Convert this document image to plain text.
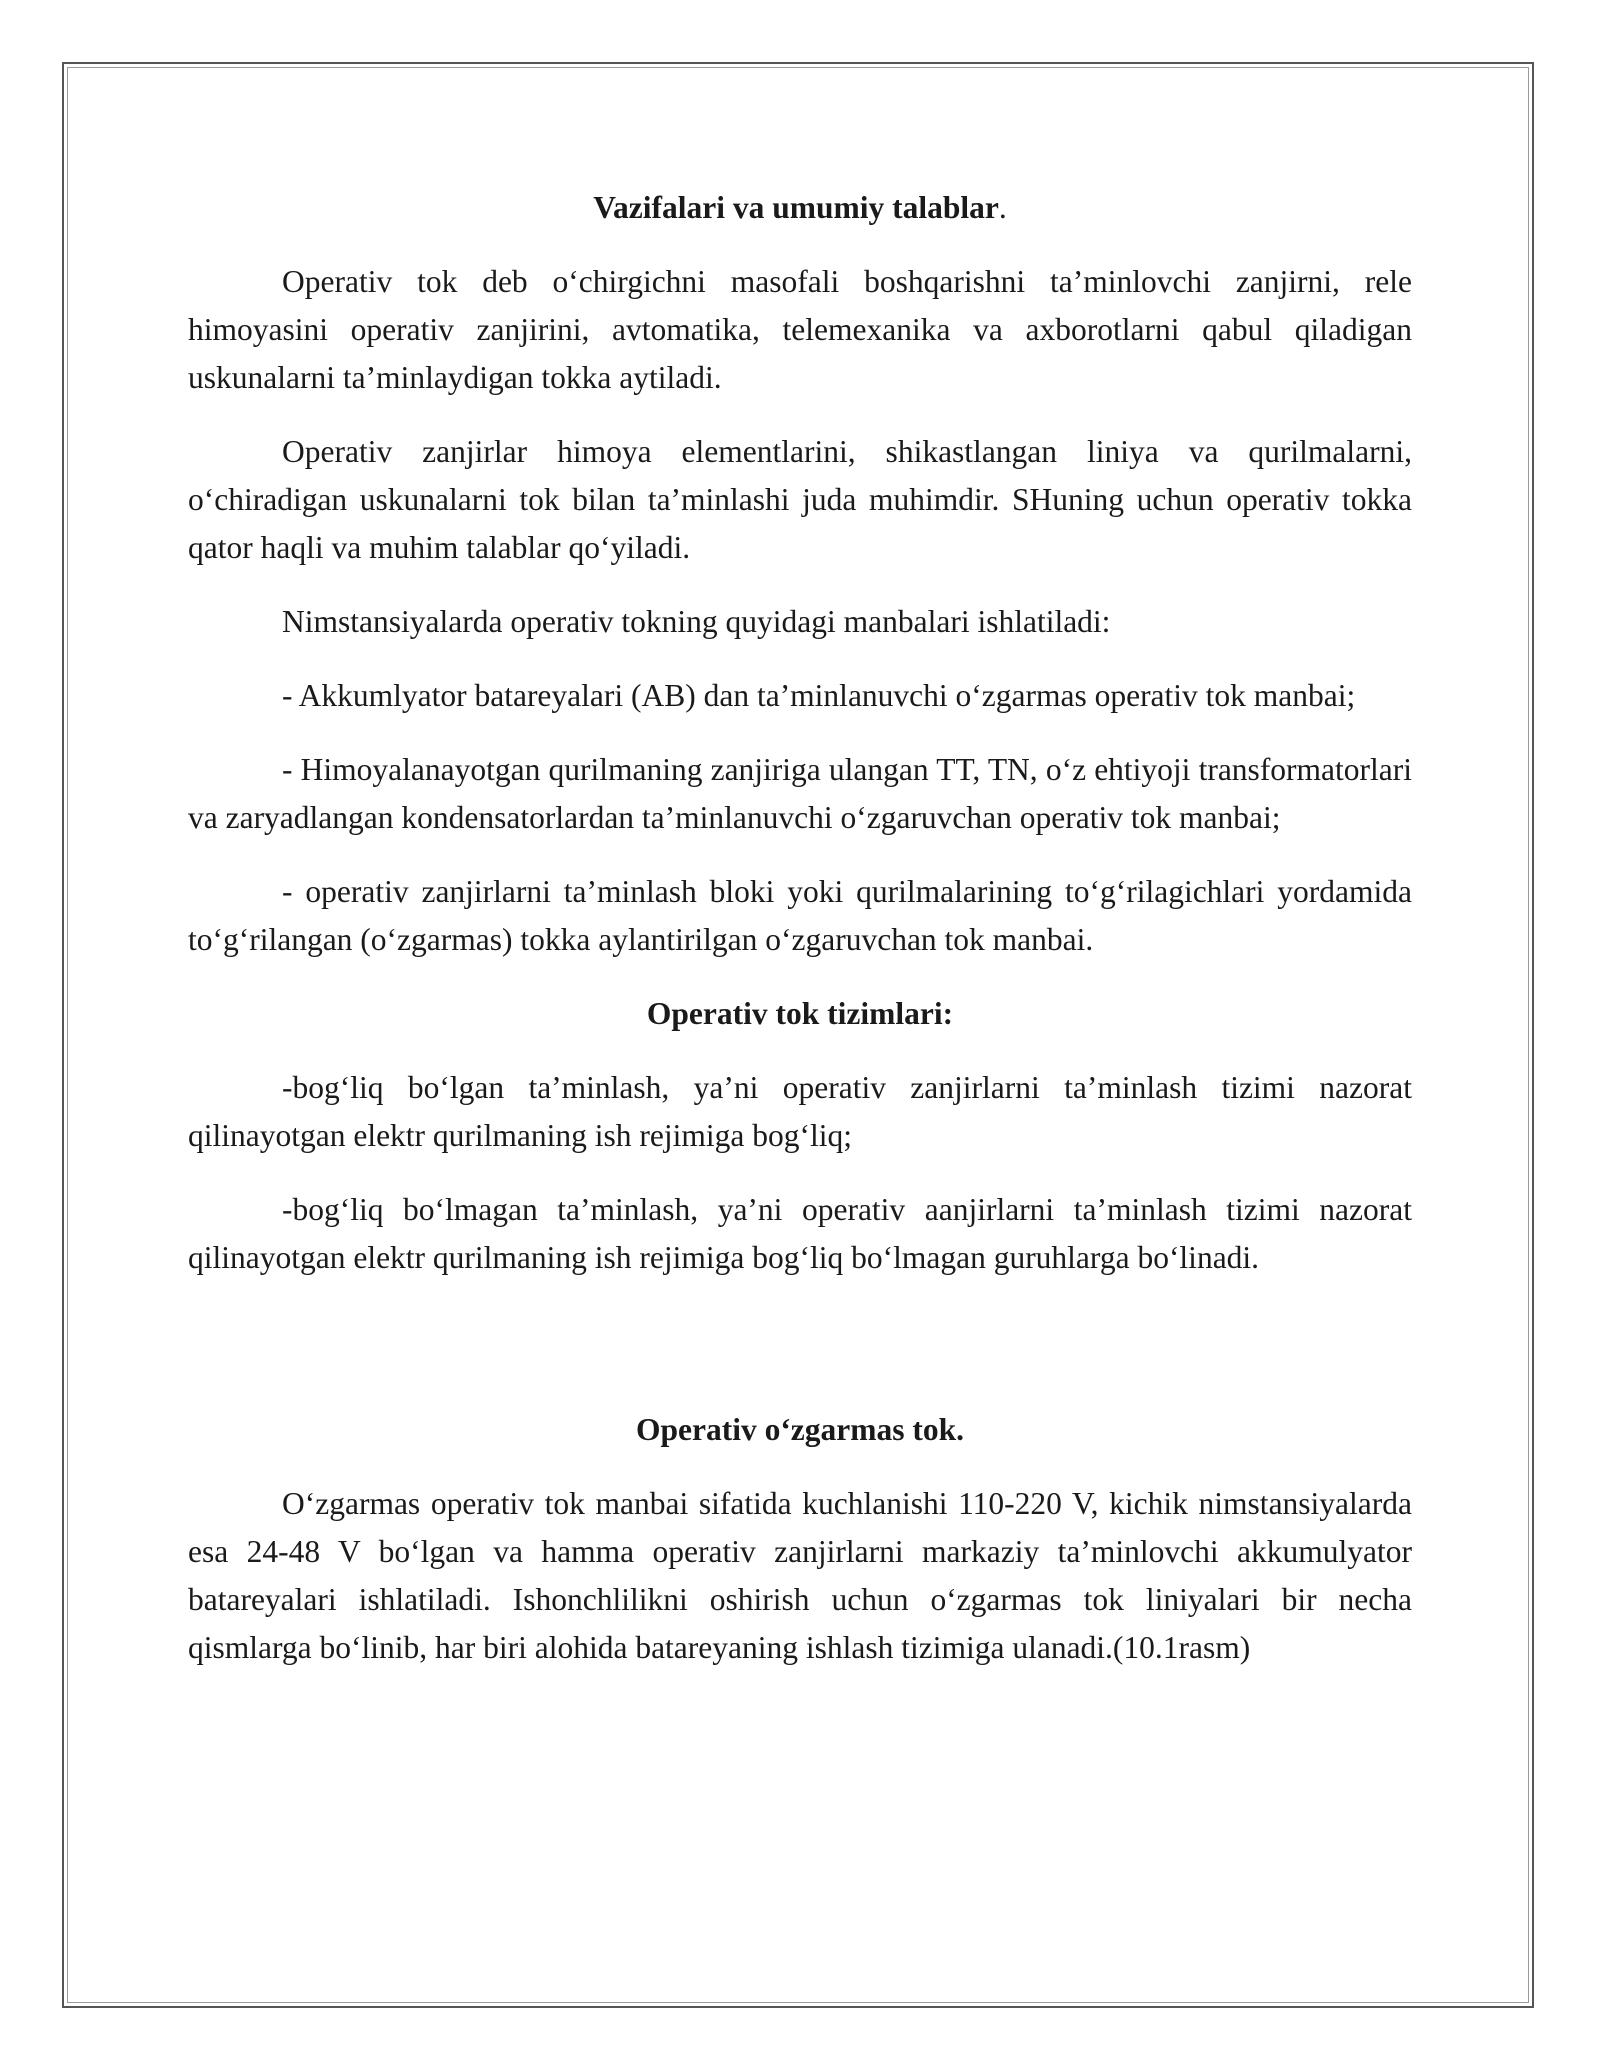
Vazifalari va umumiy talablar.
Operativ tok deb o‘chirgichni masofali boshqarishni ta’minlovchi zanjirni, rele himoyasini operativ zanjirini, avtomatika, telemexanika va axborotlarni qabul qiladigan uskunalarni ta’minlaydigan tokka aytiladi.
Operativ zanjirlar himoya elementlarini, shikastlangan liniya va qurilmalarni, o‘chiradigan uskunalarni tok bilan ta’minlashi juda muhimdir. SHuning uchun operativ tokka qator haqli va muhim talablar qo‘yiladi.
Nimstansiyalarda operativ tokning quyidagi manbalari ishlatiladi:
- Akkumlyator batareyalari (AB) dan ta’minlanuvchi o‘zgarmas operativ tok manbai;
- Himoyalanayotgan qurilmaning zanjiriga ulangan TT, TN, o‘z ehtiyoji transformatorlari va zaryadlangan kondensatorlardan ta’minlanuvchi o‘zgaruvchan operativ tok manbai;
- operativ zanjirlarni ta’minlash bloki yoki qurilmalarining to‘g‘rilagichlari yordamida to‘g‘rilangan (o‘zgarmas) tokka aylantirilgan o‘zgaruvchan tok manbai.
Operativ tok tizimlari:
-bog‘liq bo‘lgan ta’minlash, ya’ni operativ zanjirlarni ta’minlash tizimi nazorat qilinayotgan elektr qurilmaning ish rejimiga bog‘liq;
-bog‘liq bo‘lmagan ta’minlash, ya’ni operativ aanjirlarni ta’minlash tizimi nazorat qilinayotgan elektr qurilmaning ish rejimiga bog‘liq bo‘lmagan guruhlarga bo‘linadi.
Operativ o‘zgarmas tok.
O‘zgarmas operativ tok manbai sifatida kuchlanishi 110-220 V, kichik nimstansiyalarda esa 24-48 V bo‘lgan va hamma operativ zanjirlarni markaziy ta’minlovchi akkumulyator batareyalari ishlatiladi. Ishonchlilikni oshirish uchun o‘zgarmas tok liniyalari bir necha qismlarga bo‘linib, har biri alohida batareyaning ishlash tizimiga ulanadi.(10.1rasm)
